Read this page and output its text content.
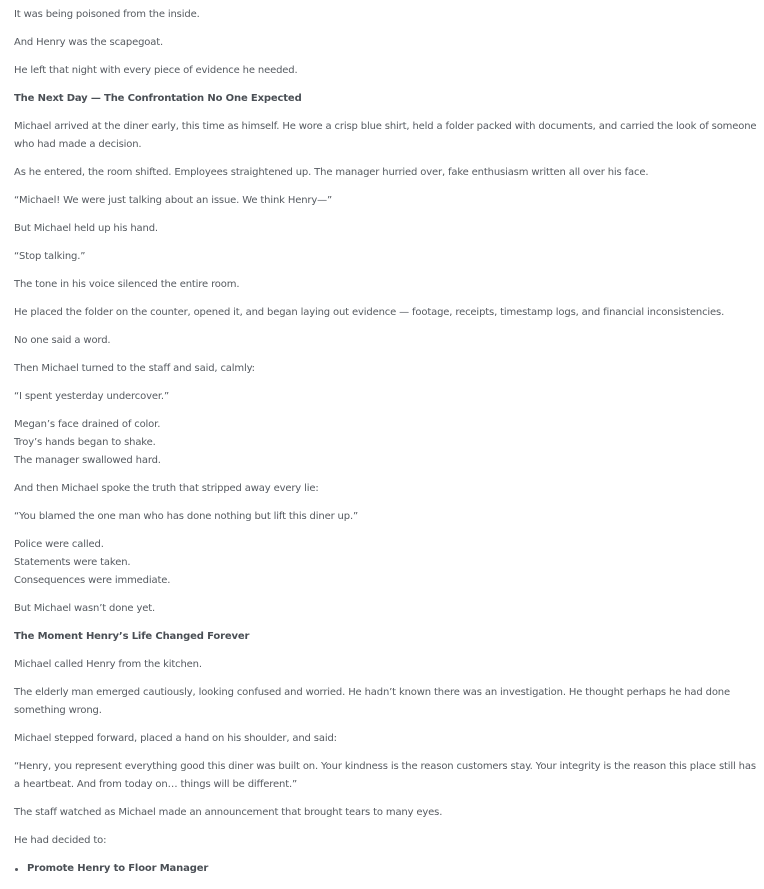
It was being poisoned from the inside.

And Henry was the scapegoat.

He left that night with every piece of evidence he needed.

The Next Day — The Confrontation No One Expected

Michael arrived at the diner early, this time as himself. He wore a crisp blue shirt, held a folder packed with documents, and carried the look of someone who had made a decision.

As he entered, the room shifted. Employees straightened up. The manager hurried over, fake enthusiasm written all over his face.

“Michael! We were just talking about an issue. We think Henry—”

But Michael held up his hand.

“Stop talking.”

The tone in his voice silenced the entire room.

He placed the folder on the counter, opened it, and began laying out evidence — footage, receipts, timestamp logs, and financial inconsistencies.

No one said a word.

Then Michael turned to the staff and said, calmly:

“I spent yesterday undercover.”

Megan’s face drained of color.
Troy’s hands began to shake.
The manager swallowed hard.

And then Michael spoke the truth that stripped away every lie:

“You blamed the one man who has done nothing but lift this diner up.”

Police were called.
Statements were taken.
Consequences were immediate.

But Michael wasn’t done yet.

The Moment Henry’s Life Changed Forever

Michael called Henry from the kitchen.

The elderly man emerged cautiously, looking confused and worried. He hadn’t known there was an investigation. He thought perhaps he had done something wrong.

Michael stepped forward, placed a hand on his shoulder, and said:

“Henry, you represent everything good this diner was built on. Your kindness is the reason customers stay. Your integrity is the reason this place still has a heartbeat. And from today on… things will be different.”

The staff watched as Michael made an announcement that brought tears to many eyes.

He had decided to:

Promote Henry to Floor Manager
